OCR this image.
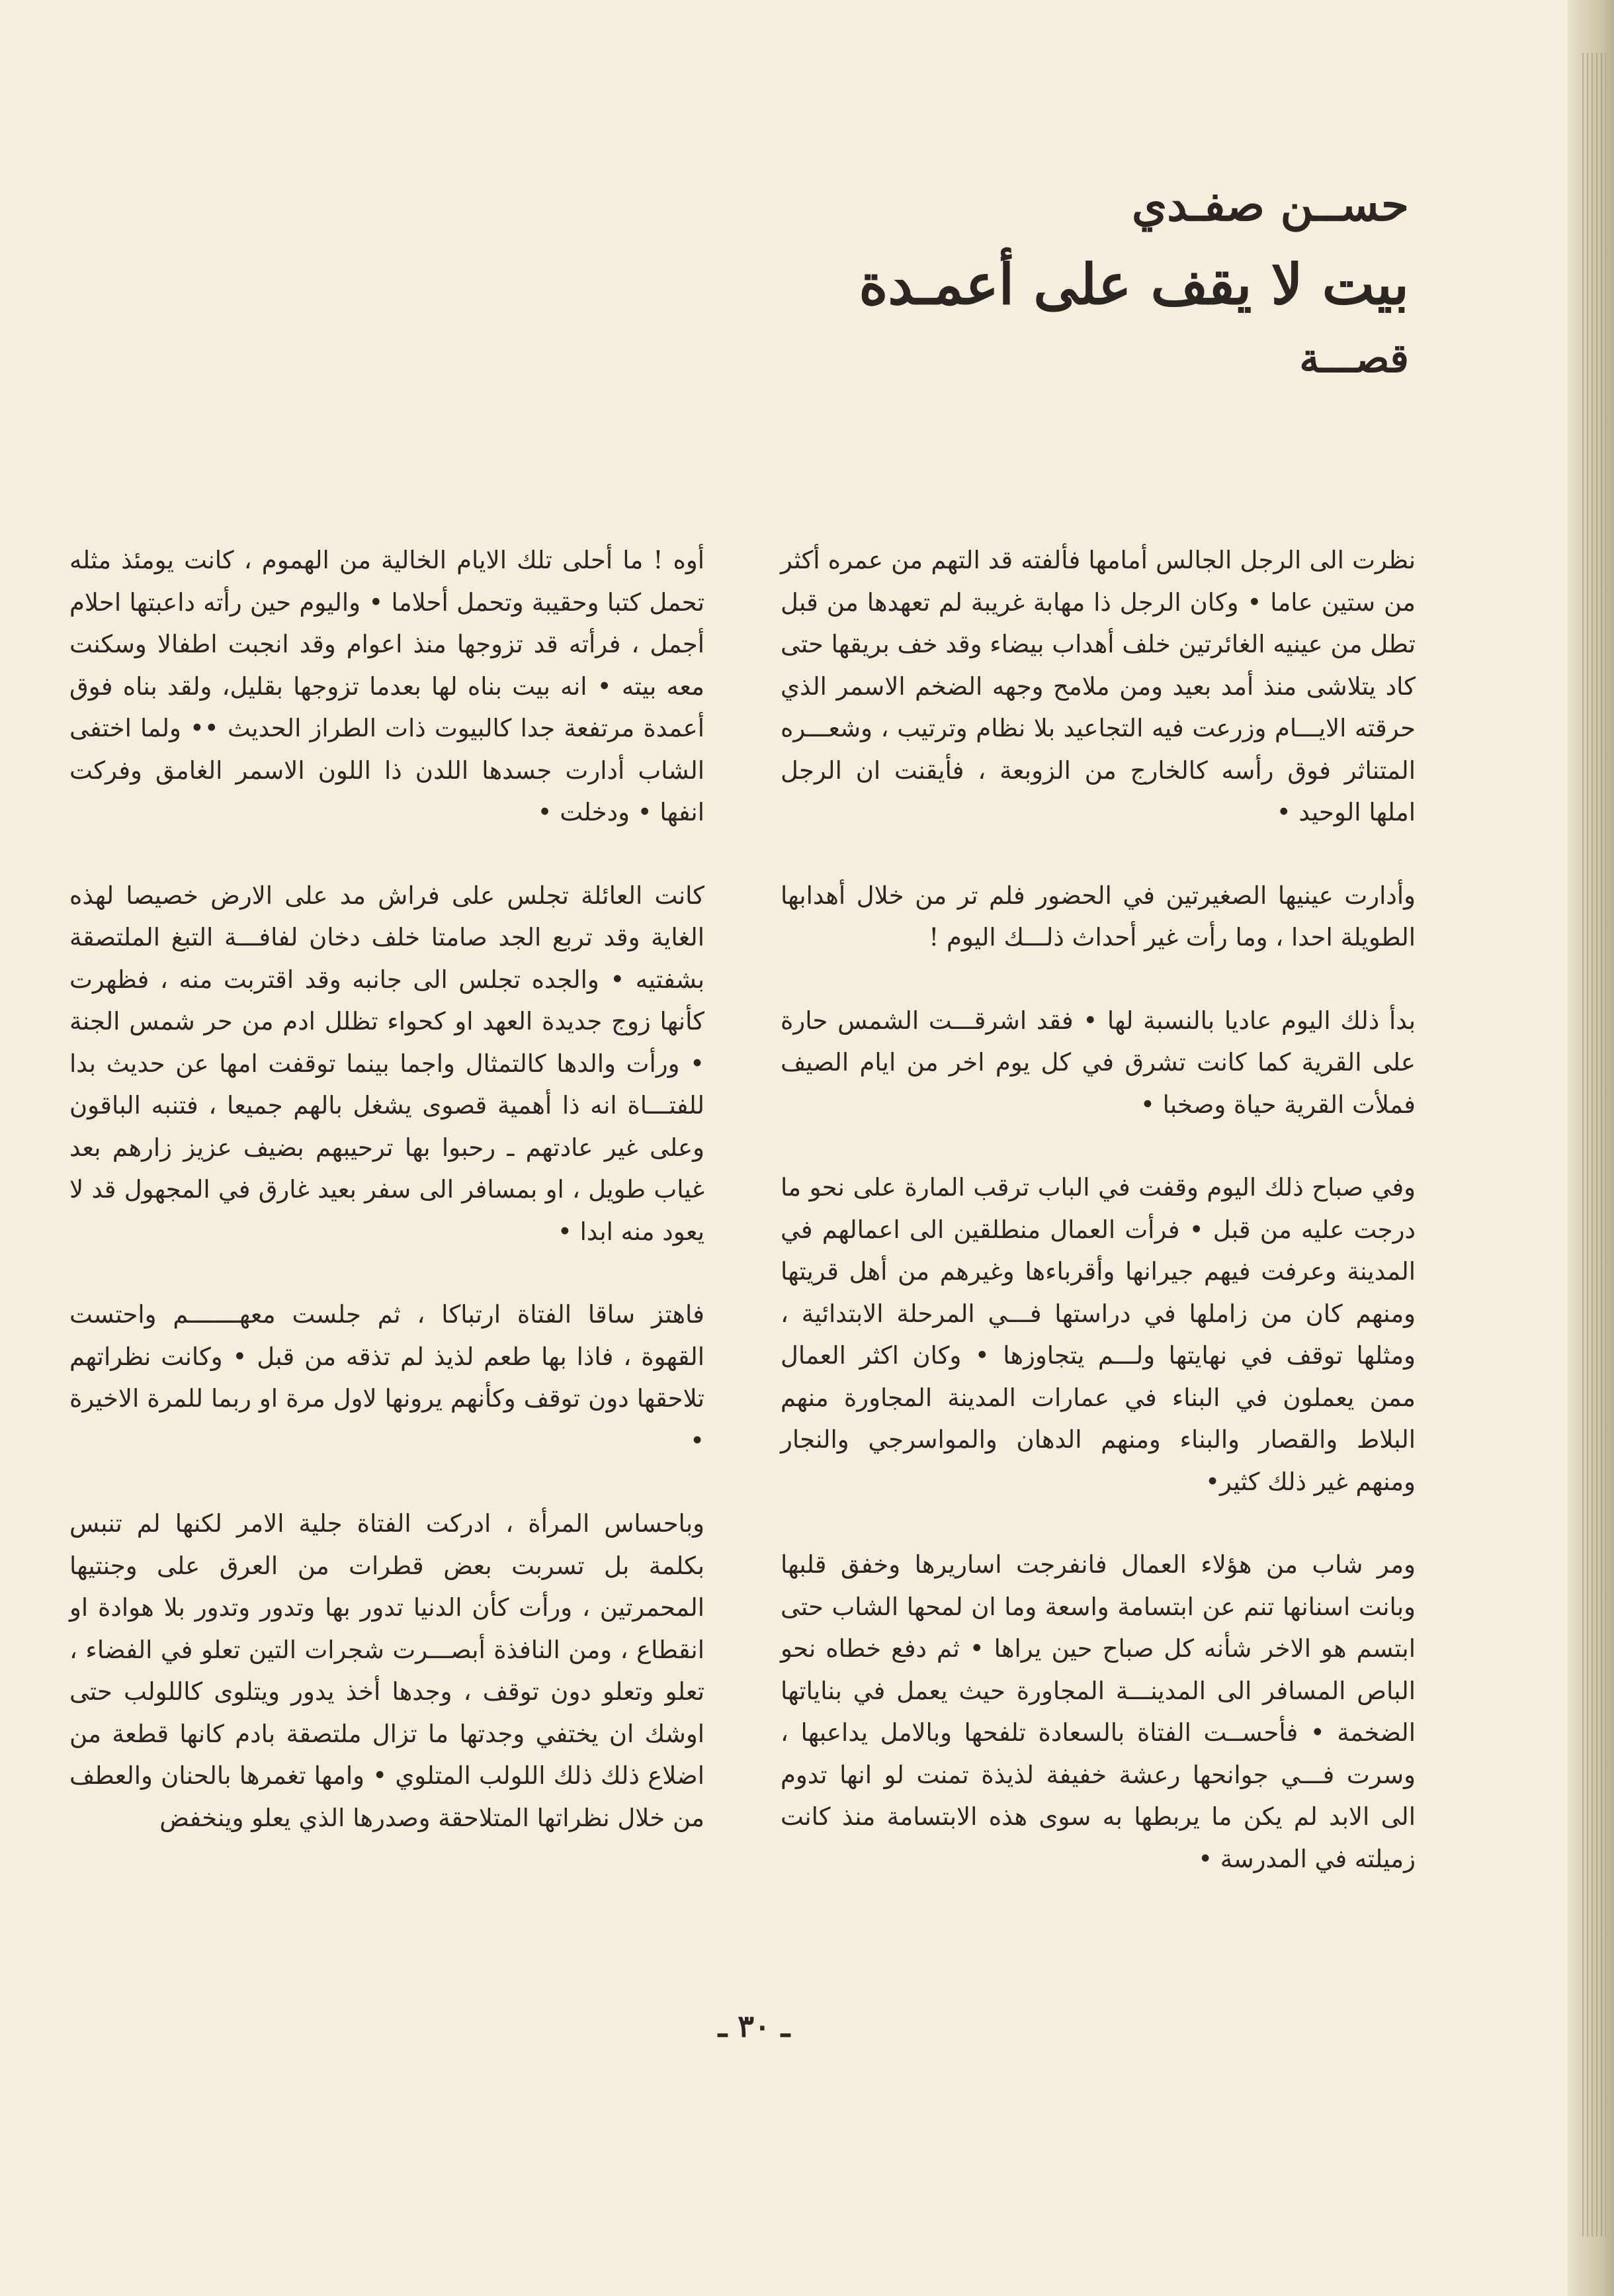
حســن صفـدي
بيت لا يقف على أعمـدة
قصـــة

نظرت الى الرجل الجالس أمامها فألفته قد التهم من عمره أكثر من ستين عاما • وكان الرجل ذا مهابة غريبة لم تعهدها من قبل تطل من عينيه الغائرتين خلف أهداب بيضاء وقد خف بريقها حتى كاد يتلاشى منذ أمد بعيد ومن ملامح وجهه الضخم الاسمر الذي حرقته الايـــام وزرعت فيه التجاعيد بلا نظام وترتيب ، وشعـــره المتناثر فوق رأسه كالخارج من الزوبعة ، فأيقنت ان الرجل املها الوحيد •

وأدارت عينيها الصغيرتين في الحضور فلم تر من خلال أهدابها الطويلة احدا ، وما رأت غير أحداث ذلـــك اليوم !

بدأ ذلك اليوم عاديا بالنسبة لها • فقد اشرقـــت الشمس حارة على القرية كما كانت تشرق في كل يوم اخر من ايام الصيف فملأت القرية حياة وصخبا •

وفي صباح ذلك اليوم وقفت في الباب ترقب المارة على نحو ما درجت عليه من قبل • فرأت العمال منطلقين الى اعمالهم في المدينة وعرفت فيهم جيرانها وأقرباءها وغيرهم من أهل قريتها ومنهم كان من زاملها في دراستها فـــي المرحلة الابتدائية ، ومثلها توقف في نهايتها ولـــم يتجاوزها • وكان اكثر العمال ممن يعملون في البناء في عمارات المدينة المجاورة منهم البلاط والقصار والبناء ومنهم الدهان والمواسرجي والنجار ومنهم غير ذلك كثير•

ومر شاب من هؤلاء العمال فانفرجت اساريرها وخفق قلبها وبانت اسنانها تنم عن ابتسامة واسعة وما ان لمحها الشاب حتى ابتسم هو الاخر شأنه كل صباح حين يراها • ثم دفع خطاه نحو الباص المسافر الى المدينـــة المجاورة حيث يعمل في بناياتها الضخمة • فأحســت الفتاة بالسعادة تلفحها وبالامل يداعبها ، وسرت فـــي جوانحها رعشة خفيفة لذيذة تمنت لو انها تدوم الى الابد لم يكن ما يربطها به سوى هذه الابتسامة منذ كانت زميلته في المدرسة •

أوه ! ما أحلى تلك الايام الخالية من الهموم ، كانت يومئذ مثله تحمل كتبا وحقيبة وتحمل أحلاما • واليوم حين رأته داعبتها احلام أجمل ، فرأته قد تزوجها منذ اعوام وقد انجبت اطفالا وسكنت معه بيته • انه بيت بناه لها بعدما تزوجها بقليل، ولقد بناه فوق أعمدة مرتفعة جدا كالبيوت ذات الطراز الحديث •• ولما اختفى الشاب أدارت جسدها اللدن ذا اللون الاسمر الغامق وفركت انفها • ودخلت •

كانت العائلة تجلس على فراش مد على الارض خصيصا لهذه الغاية وقد تربع الجد صامتا خلف دخان لفافـــة التبغ الملتصقة بشفتيه • والجده تجلس الى جانبه وقد اقتربت منه ، فظهرت كأنها زوج جديدة العهد او كحواء تظلل ادم من حر شمس الجنة • ورأت والدها كالتمثال واجما بينما توقفت امها عن حديث بدا للفتـــاة انه ذا أهمية قصوى يشغل بالهم جميعا ، فتنبه الباقون وعلى غير عادتهم ـ رحبوا بها ترحيبهم بضيف عزيز زارهم بعد غياب طويل ، او بمسافر الى سفر بعيد غارق في المجهول قد لا يعود منه ابدا •

فاهتز ساقا الفتاة ارتباكا ، ثم جلست معهـــــــم واحتست القهوة ، فاذا بها طعم لذيذ لم تذقه من قبل • وكانت نظراتهم تلاحقها دون توقف وكأنهم يرونها لاول مرة او ربما للمرة الاخيرة •

وباحساس المرأة ، ادركت الفتاة جلية الامر لكنها لم تنبس بكلمة بل تسربت بعض قطرات من العرق على وجنتيها المحمرتين ، ورأت كأن الدنيا تدور بها وتدور وتدور بلا هوادة او انقطاع ، ومن النافذة أبصـــرت شجرات التين تعلو في الفضاء ، تعلو وتعلو دون توقف ، وجدها أخذ يدور ويتلوى كاللولب حتى اوشك ان يختفي وجدتها ما تزال ملتصقة بادم كانها قطعة من اضلاع ذلك ذلك اللولب المتلوي • وامها تغمرها بالحنان والعطف من خلال نظراتها المتلاحقة وصدرها الذي يعلو وينخفض

ـ ٣٠ ـ
